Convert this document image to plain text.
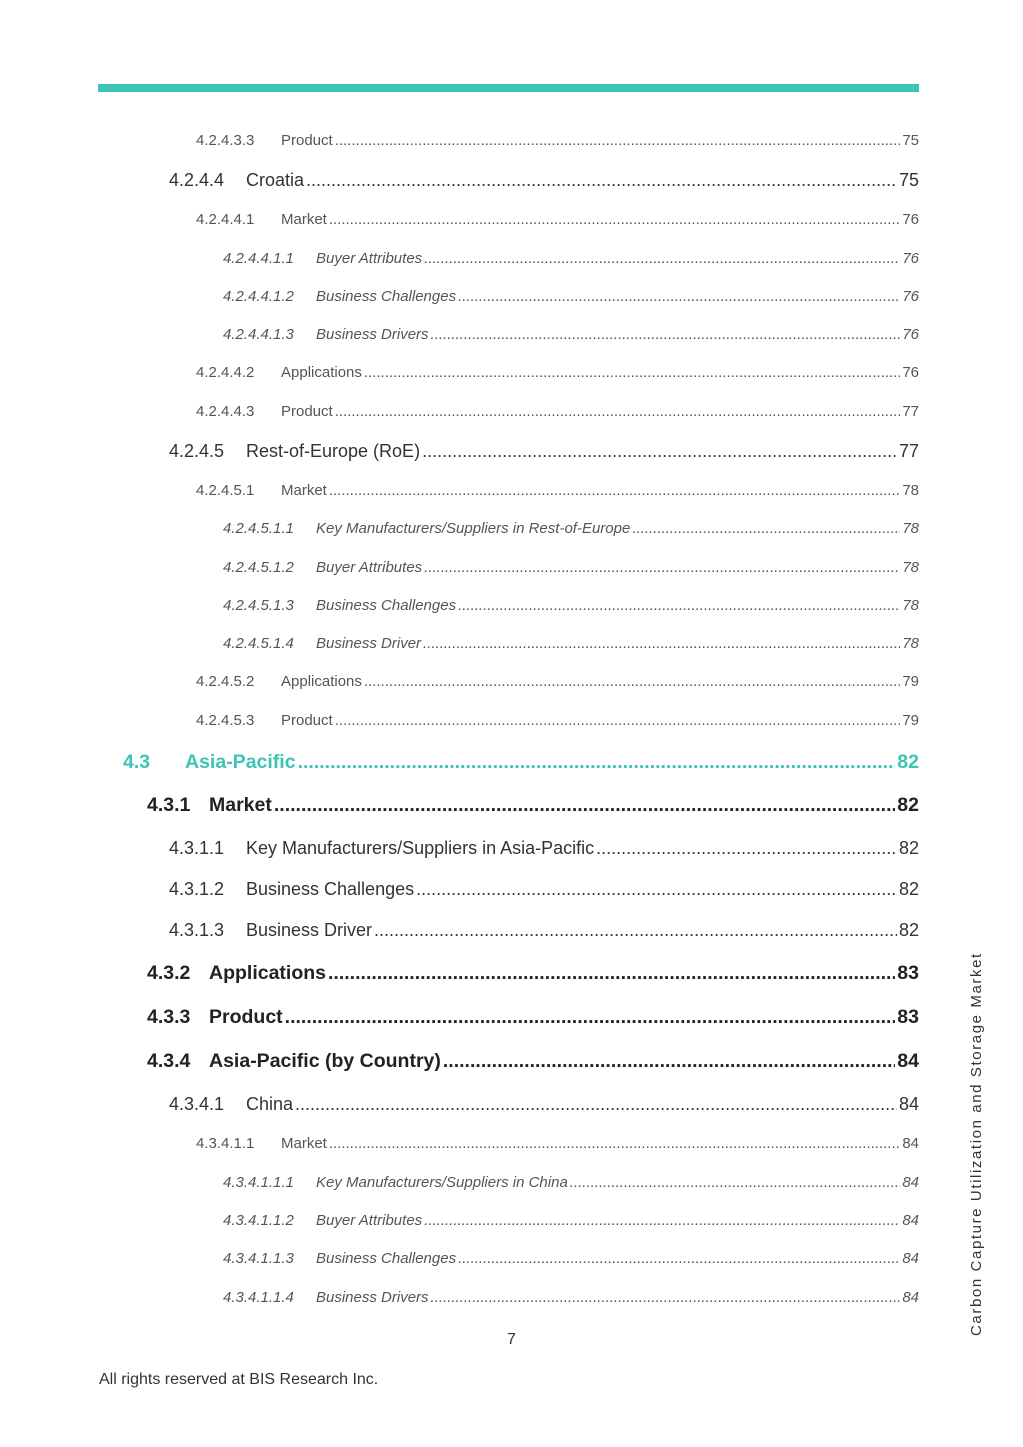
4.2.4.3.3	Product .....	75
4.2.4.4	Croatia .....	75
4.2.4.4.1	Market .....	76
4.2.4.4.1.1	Buyer Attributes .....	76
4.2.4.4.1.2	Business Challenges .....	76
4.2.4.4.1.3	Business Drivers .....	76
4.2.4.4.2	Applications .....	76
4.2.4.4.3	Product .....	77
4.2.4.5	Rest-of-Europe (RoE) .....	77
4.2.4.5.1	Market .....	78
4.2.4.5.1.1	Key Manufacturers/Suppliers in Rest-of-Europe .....	78
4.2.4.5.1.2	Buyer Attributes .....	78
4.2.4.5.1.3	Business Challenges .....	78
4.2.4.5.1.4	Business Driver .....	78
4.2.4.5.2	Applications .....	79
4.2.4.5.3	Product .....	79
4.3	Asia-Pacific .....	82
4.3.1 Market .....	82
4.3.1.1	Key Manufacturers/Suppliers in Asia-Pacific .....	82
4.3.1.2	Business Challenges .....	82
4.3.1.3	Business Driver .....	82
4.3.2 Applications .....	83
4.3.3 Product .....	83
4.3.4 Asia-Pacific (by Country) .....	84
4.3.4.1	China .....	84
4.3.4.1.1	Market .....	84
4.3.4.1.1.1	Key Manufacturers/Suppliers in China .....	84
4.3.4.1.1.2	Buyer Attributes .....	84
4.3.4.1.1.3	Business Challenges .....	84
4.3.4.1.1.4	Business Drivers .....	84
7
All rights reserved at BIS Research Inc.
Carbon Capture Utilization and Storage Market
